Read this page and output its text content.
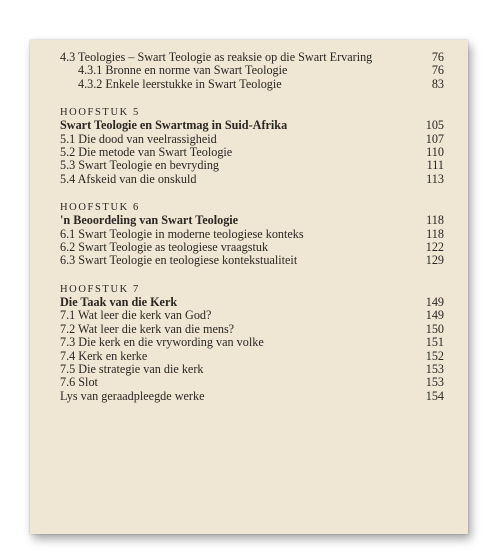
4.3 Teologies – Swart Teologie as reaksie op die Swart Ervaring	76
4.3.1 Bronne en norme van Swart Teologie	76
4.3.2 Enkele leerstukke in Swart Teologie	83
HOOFSTUK 5
Swart Teologie en Swartmag in Suid-Afrika	105
5.1 Die dood van veelrassigheid	107
5.2 Die metode van Swart Teologie	110
5.3 Swart Teologie en bevryding	111
5.4 Afskeid van die onskuld	113
HOOFSTUK 6
'n Beoordeling van Swart Teologie	118
6.1 Swart Teologie in moderne teologiese konteks	118
6.2 Swart Teologie as teologiese vraagstuk	122
6.3 Swart Teologie en teologiese kontekstualiteit	129
HOOFSTUK 7
Die Taak van die Kerk	149
7.1 Wat leer die kerk van God?	149
7.2 Wat leer die kerk van die mens?	150
7.3 Die kerk en die vrywording van volke	151
7.4 Kerk en kerke	152
7.5 Die strategie van die kerk	153
7.6 Slot	153
Lys van geraadpleegde werke	154
